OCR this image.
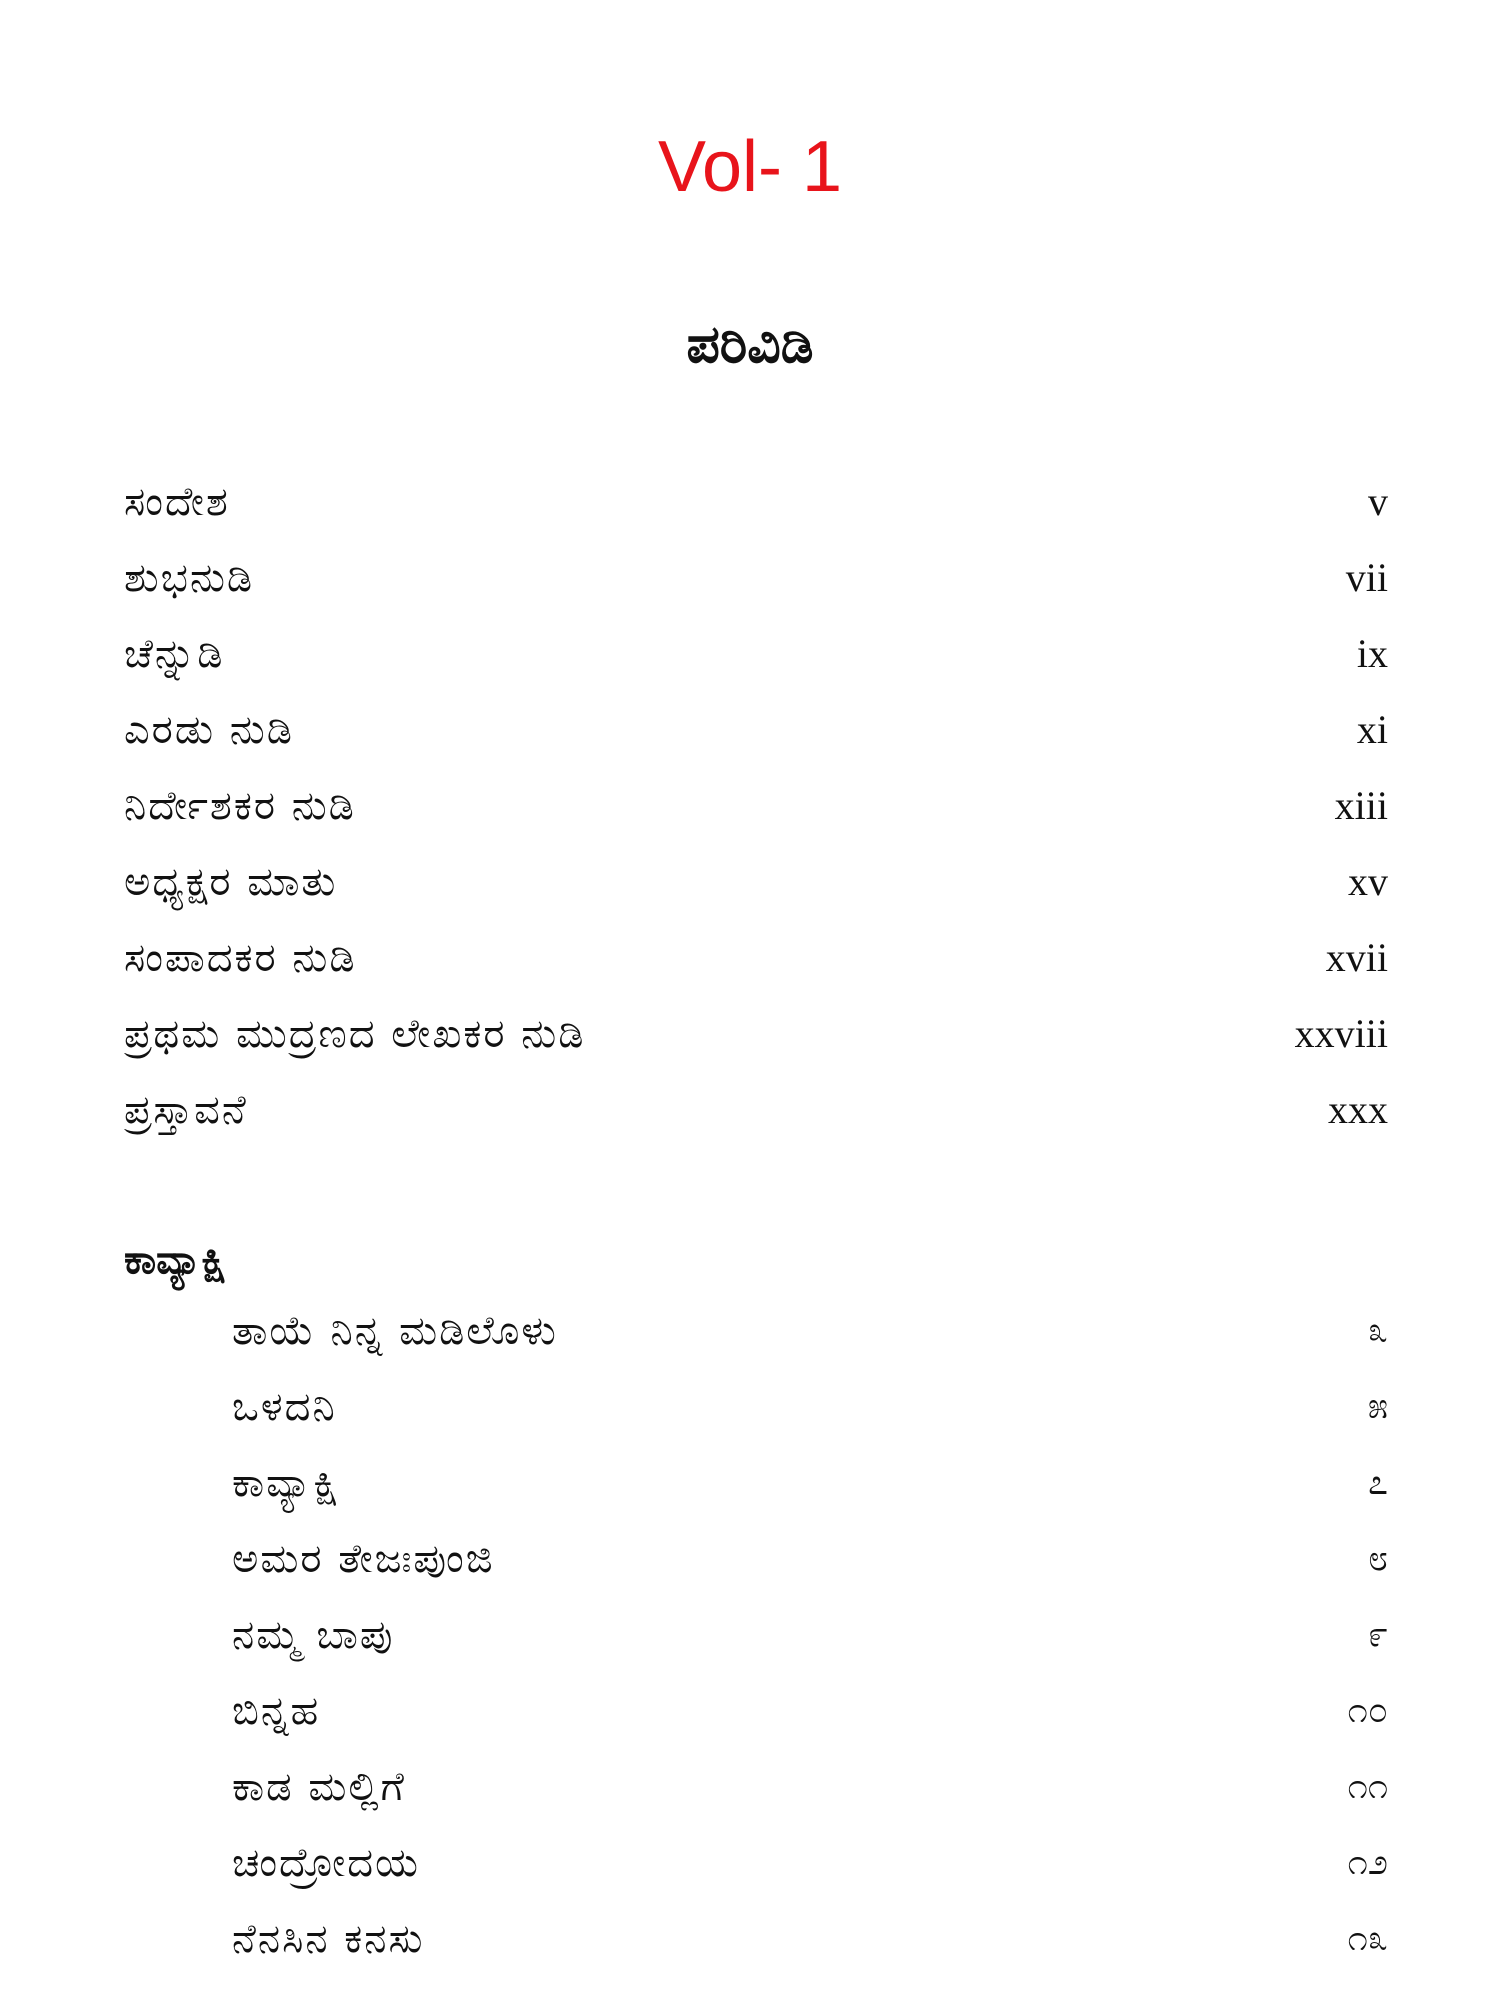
Vol- 1
ಪರಿವಿಡಿ
ಸಂದೇಶ	v
ಶುಭನುಡಿ	vii
ಚೆನ್ನುಡಿ	ix
ಎರಡು ನುಡಿ	xi
ನಿರ್ದೇಶಕರ ನುಡಿ	xiii
ಅಧ್ಯಕ್ಷರ ಮಾತು	xv
ಸಂಪಾದಕರ ನುಡಿ	xvii
ಪ್ರಥಮ ಮುದ್ರಣದ ಲೇಖಕರ ನುಡಿ	xxviii
ಪ್ರಸ್ತಾವನೆ	xxx
ಕಾವ್ಯಾಕ್ಷಿ
ತಾಯೆ ನಿನ್ನ ಮಡಿಲೊಳು	೩
ಒಳದನಿ	೫
ಕಾವ್ಯಾಕ್ಷಿ	೭
ಅಮರ ತೇಜಃಪುಂಜಿ	೮
ನಮ್ಮ ಬಾಪು	೯
ಬಿನ್ನಹ	೧೦
ಕಾಡ ಮಲ್ಲಿಗೆ	೧೧
ಚಂದ್ರೋದಯ	೧೨
ನೆನಸಿನ ಕನಸು	೧೩
